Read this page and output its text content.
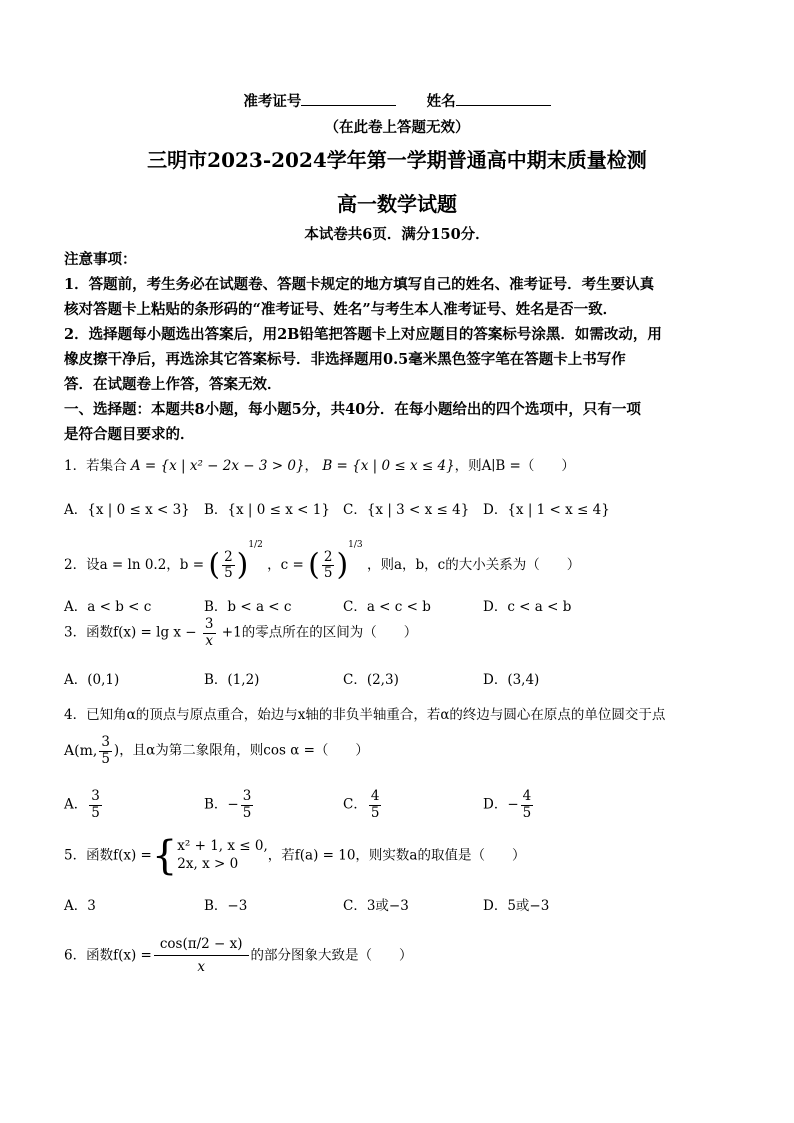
准考证号	姓名
（在此卷上答题无效）
三明市2023-2024学年第一学期普通高中期末质量检测
高一数学试题
本试卷共6页．满分150分．
注意事项：
1．答题前，考生务必在试题卷、答题卡规定的地方填写自己的姓名、准考证号．考生要认真
核对答题卡上粘贴的条形码的“准考证号、姓名”与考生本人准考证号、姓名是否一致．
2．选择题每小题选出答案后，用2B铅笔把答题卡上对应题目的答案标号涂黑．如需改动，用
橡皮擦干净后，再选涂其它答案标号．非选择题用0.5毫米黑色签字笔在答题卡上书写作
答．在试题卷上作答，答案无效．
一、选择题：本题共8小题，每小题5分，共40分．在每小题给出的四个选项中，只有一项
是符合题目要求的．
1．若集合 A = {x | x² − 2x − 3 > 0}， B = {x | 0 ≤ x ≤ 4}，则A∣B =（　　）
A．{x | 0 ≤ x < 3} B．{x | 0 ≤ x < 1} C．{x | 3 < x ≤ 4} D．{x | 1 < x ≤ 4}
2．设a = ln 0.2，b = ( $\frac{2}{5} )^{1/2}$ ，c = ( $\frac{2}{5} )^{1/3}$ ，则a，b，c的大小关系为（　　）
A．a < b < c	B．b < a < c	C．a < c < b	D．c < a < b
3．函数$f(x) = \lg x - \frac{3}{x} +1$的零点所在的区间为（　　）
A．(0,1)	B．(1,2)	C．(2,3)	D．(3,4)
4．已知角α的顶点与原点重合，始边与x轴的非负半轴重合，若α的终边与圆心在原点的单位圆交于点
A(m, $\frac{3}{5}$ )，且α为第二象限角，则cos α =（　　）
A． $\frac{3}{5}$	B．− $\frac{3}{5}$	C． $\frac{4}{5}$	D．− $\frac{4}{5}$
5．函数f(x) ={ x² + 1, x ≤ 0,
2x, x > 0
，若f(a) = 10，则实数a的取值是（　　）
A．3	B．−3	C．3或−3	D．5或−3
6．函数$f(x) = \frac{\cos(\pi/2 - x)}{x}$ 的部分图象大致是（　　）
